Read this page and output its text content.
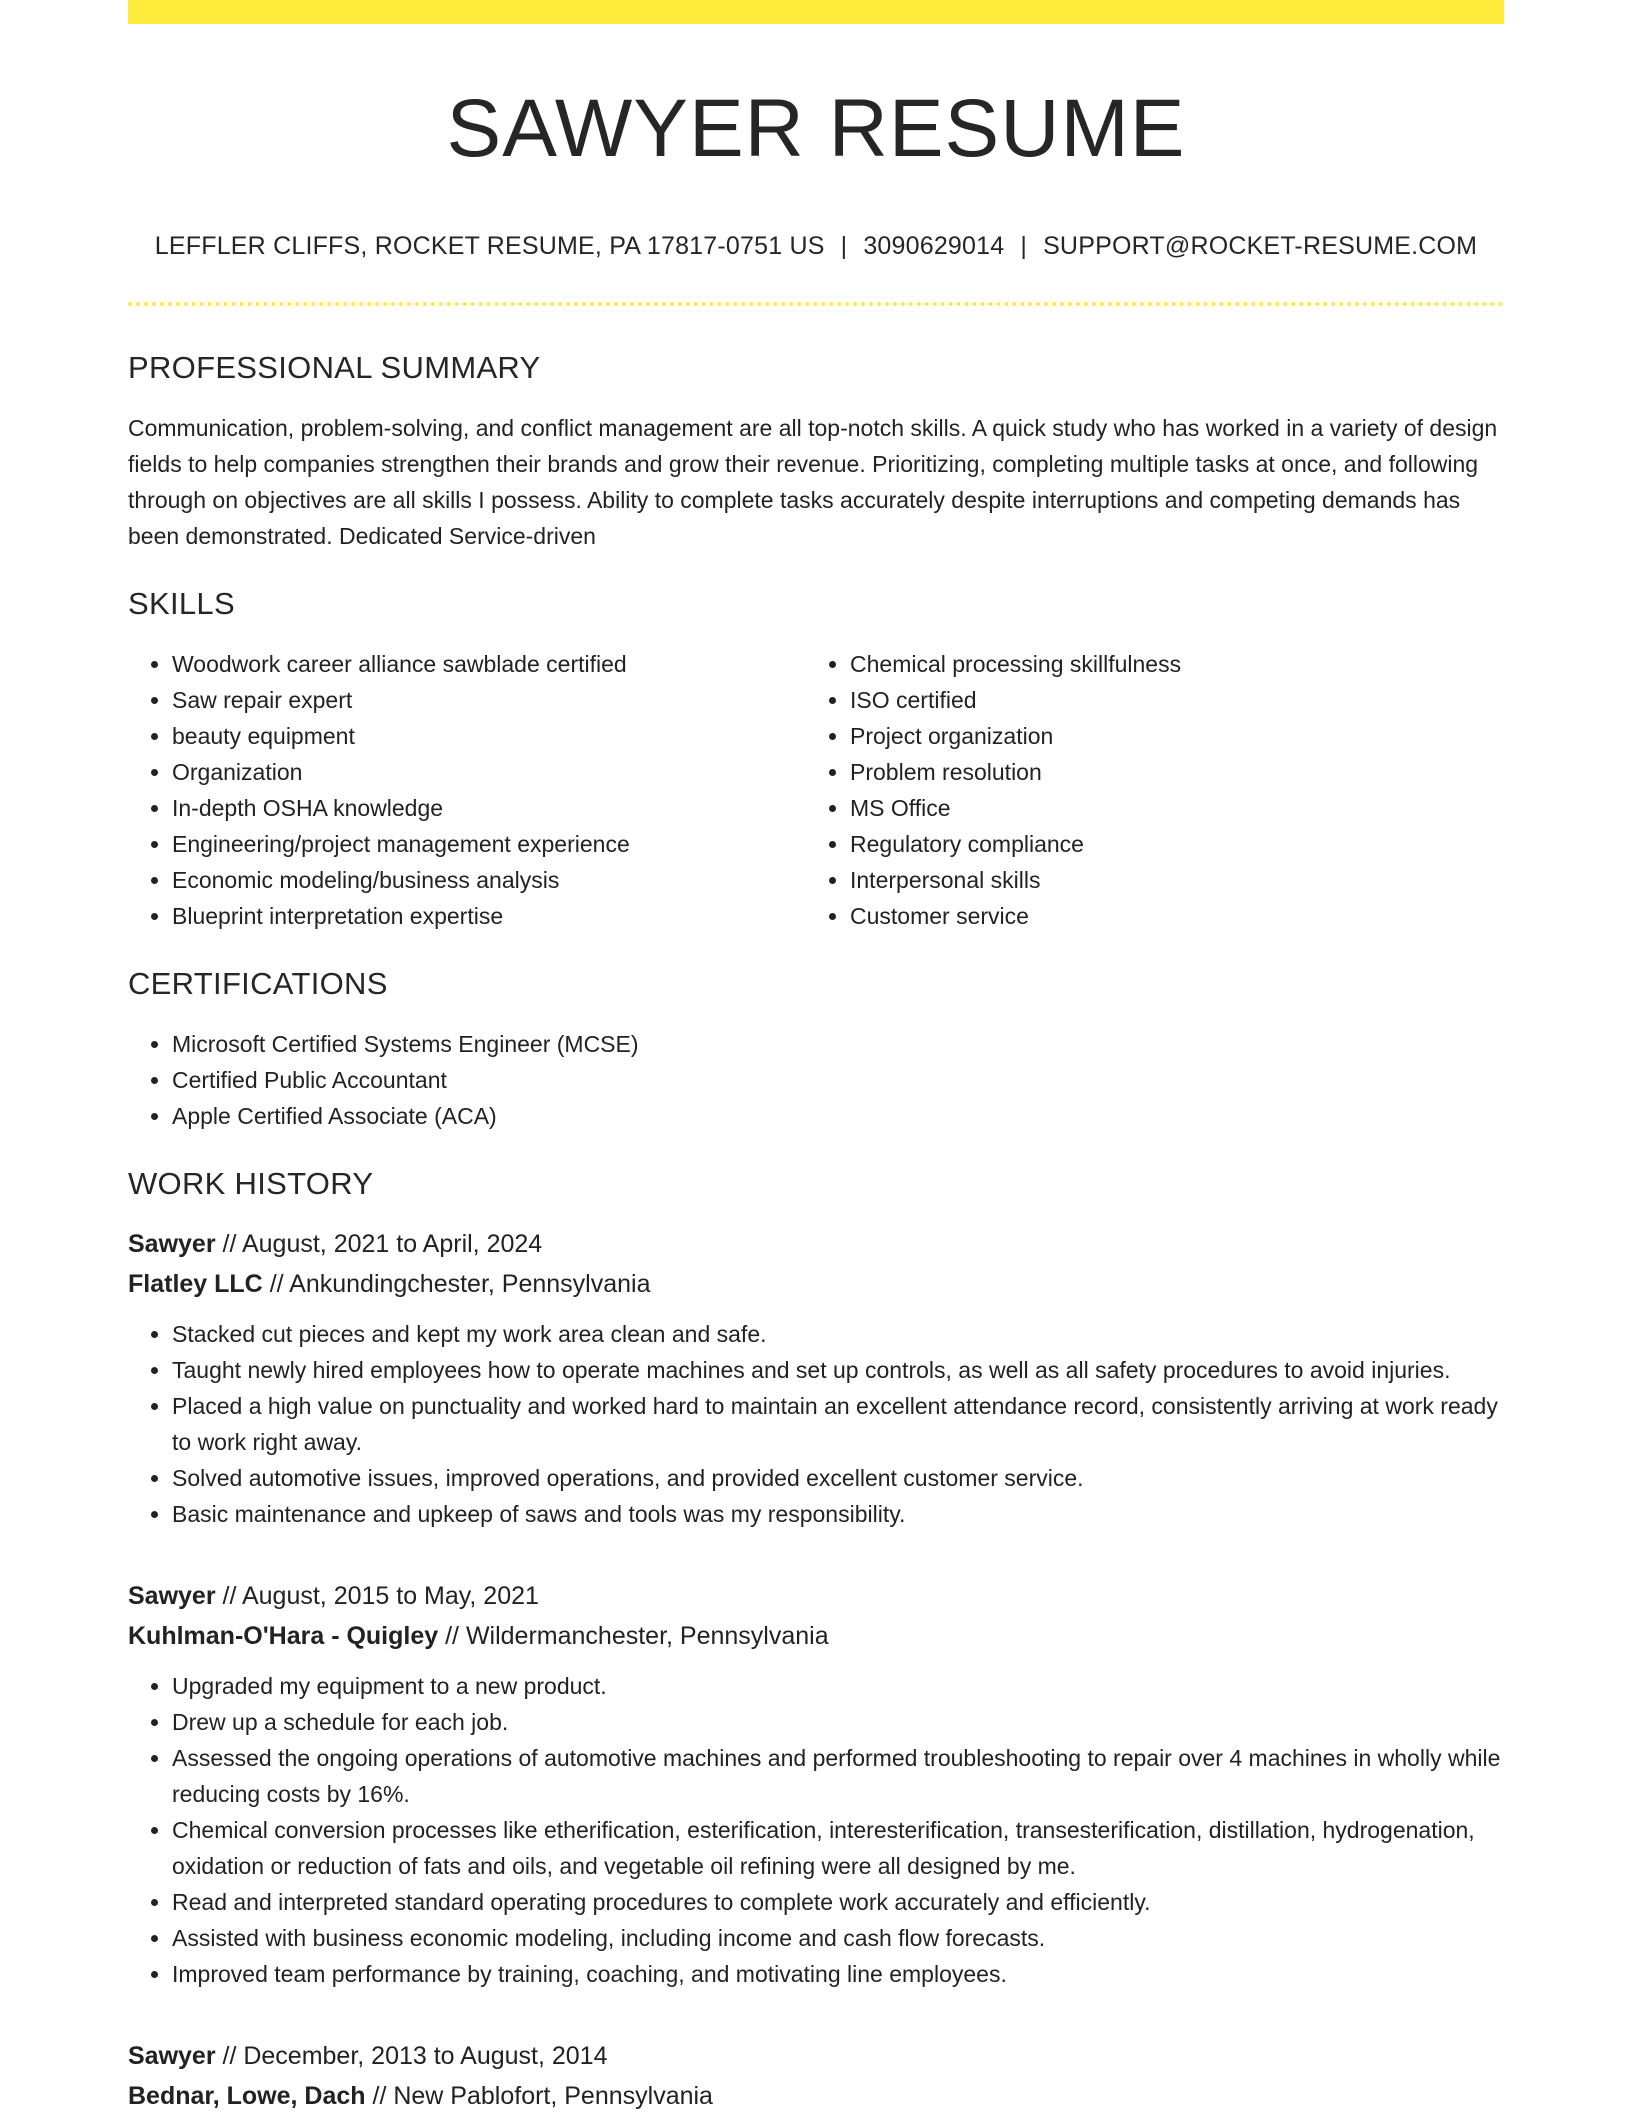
SAWYER RESUME
LEFFLER CLIFFS, ROCKET RESUME, PA 17817-0751 US | 3090629014 | SUPPORT@ROCKET-RESUME.COM
PROFESSIONAL SUMMARY
Communication, problem-solving, and conflict management are all top-notch skills. A quick study who has worked in a variety of design fields to help companies strengthen their brands and grow their revenue. Prioritizing, completing multiple tasks at once, and following through on objectives are all skills I possess. Ability to complete tasks accurately despite interruptions and competing demands has been demonstrated. Dedicated Service-driven
SKILLS
• Woodwork career alliance sawblade certified
• Saw repair expert
• beauty equipment
• Organization
• In-depth OSHA knowledge
• Engineering/project management experience
• Economic modeling/business analysis
• Blueprint interpretation expertise
• Chemical processing skillfulness
• ISO certified
• Project organization
• Problem resolution
• MS Office
• Regulatory compliance
• Interpersonal skills
• Customer service
CERTIFICATIONS
• Microsoft Certified Systems Engineer (MCSE)
• Certified Public Accountant
• Apple Certified Associate (ACA)
WORK HISTORY
Sawyer // August, 2021 to April, 2024
Flatley LLC // Ankundingchester, Pennsylvania
• Stacked cut pieces and kept my work area clean and safe.
• Taught newly hired employees how to operate machines and set up controls, as well as all safety procedures to avoid injuries.
• Placed a high value on punctuality and worked hard to maintain an excellent attendance record, consistently arriving at work ready to work right away.
• Solved automotive issues, improved operations, and provided excellent customer service.
• Basic maintenance and upkeep of saws and tools was my responsibility.
Sawyer // August, 2015 to May, 2021
Kuhlman-O'Hara - Quigley // Wildermanchester, Pennsylvania
• Upgraded my equipment to a new product.
• Drew up a schedule for each job.
• Assessed the ongoing operations of automotive machines and performed troubleshooting to repair over 4 machines in wholly while reducing costs by 16%.
• Chemical conversion processes like etherification, esterification, interesterification, transesterification, distillation, hydrogenation, oxidation or reduction of fats and oils, and vegetable oil refining were all designed by me.
• Read and interpreted standard operating procedures to complete work accurately and efficiently.
• Assisted with business economic modeling, including income and cash flow forecasts.
• Improved team performance by training, coaching, and motivating line employees.
Sawyer // December, 2013 to August, 2014
Bednar, Lowe, Dach // New Pablofort, Pennsylvania
